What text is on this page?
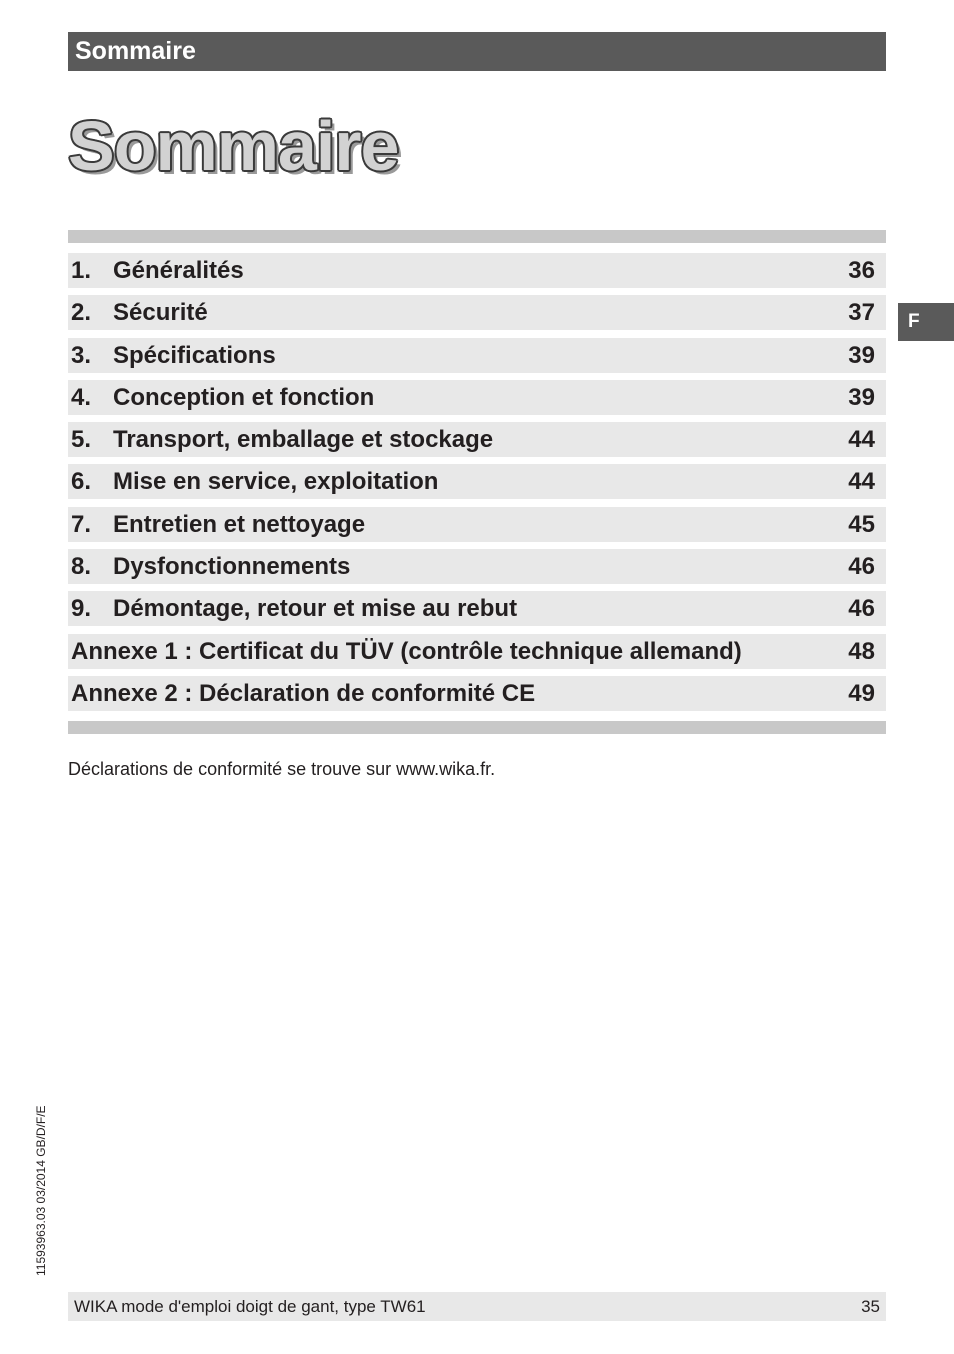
Sommaire
Sommaire
F
1. Généralités	36
2. Sécurité	37
3. Spécifications	39
4. Conception et fonction	39
5. Transport, emballage et stockage	44
6. Mise en service, exploitation	44
7. Entretien et nettoyage	45
8. Dysfonctionnements	46
9. Démontage, retour et mise au rebut	46
Annexe 1 : Certificat du TÜV (contrôle technique allemand)	48
Annexe 2 : Déclaration de conformité CE	49
Déclarations de conformité se trouve sur www.wika.fr.
11593963.03 03/2014 GB/D/F/E
WIKA mode d'emploi doigt de gant, type TW61	35
